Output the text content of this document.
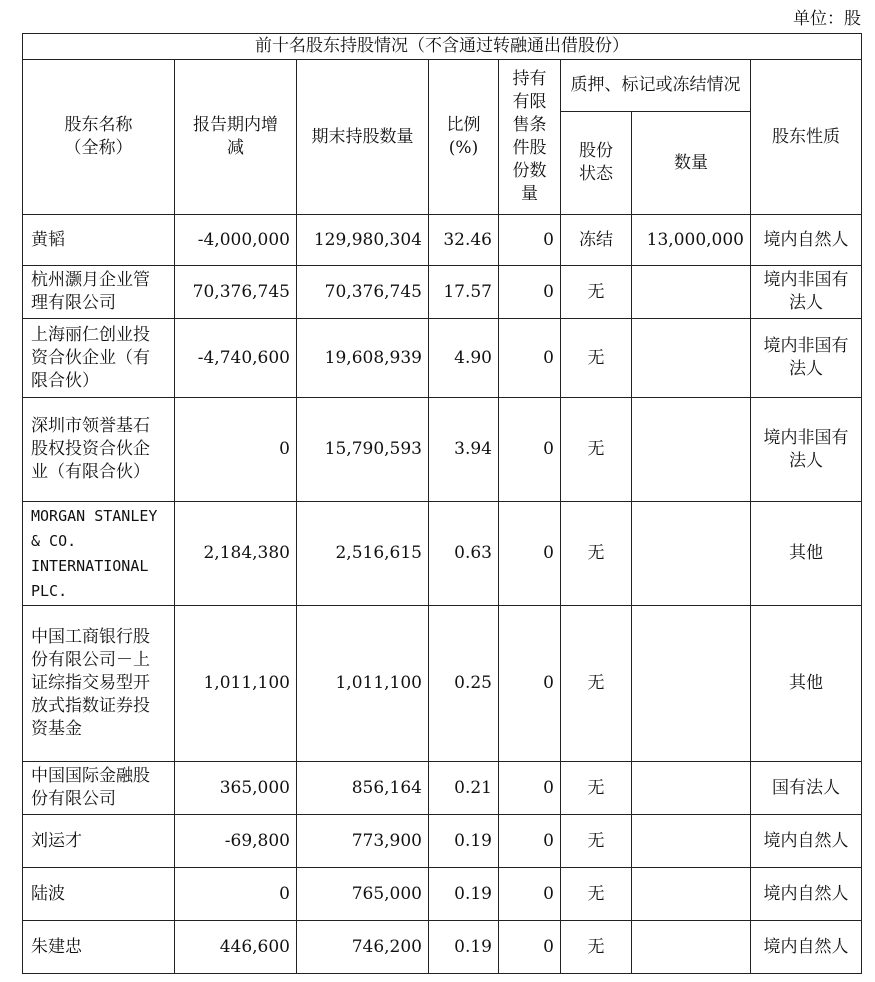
单位：股
前十名股东持股情况（不含通过转融通出借股份）							
股东名称（全称）	报告期内增减	期末持股数量	比例(%)	持有有限售条件股份数量	质押、标记或冻结情况		股东性质
					股份状态	数量	
黄韬	-4,000,000	129,980,304	32.46	0	冻结	13,000,000	境内自然人
杭州灏月企业管理有限公司	70,376,745	70,376,745	17.57	0	无		境内非国有法人
上海丽仁创业投资合伙企业（有限合伙）	-4,740,600	19,608,939	4.90	0	无		境内非国有法人
深圳市领誉基石股权投资合伙企业（有限合伙）	0	15,790,593	3.94	0	无		境内非国有法人
MORGAN STANLEY & CO. INTERNATIONAL PLC.	2,184,380	2,516,615	0.63	0	无		其他
中国工商银行股份有限公司－上证综指交易型开放式指数证券投资基金	1,011,100	1,011,100	0.25	0	无		其他
中国国际金融股份有限公司	365,000	856,164	0.21	0	无		国有法人
刘运才	-69,800	773,900	0.19	0	无		境内自然人
陆波	0	765,000	0.19	0	无		境内自然人
朱建忠	446,600	746,200	0.19	0	无		境内自然人
